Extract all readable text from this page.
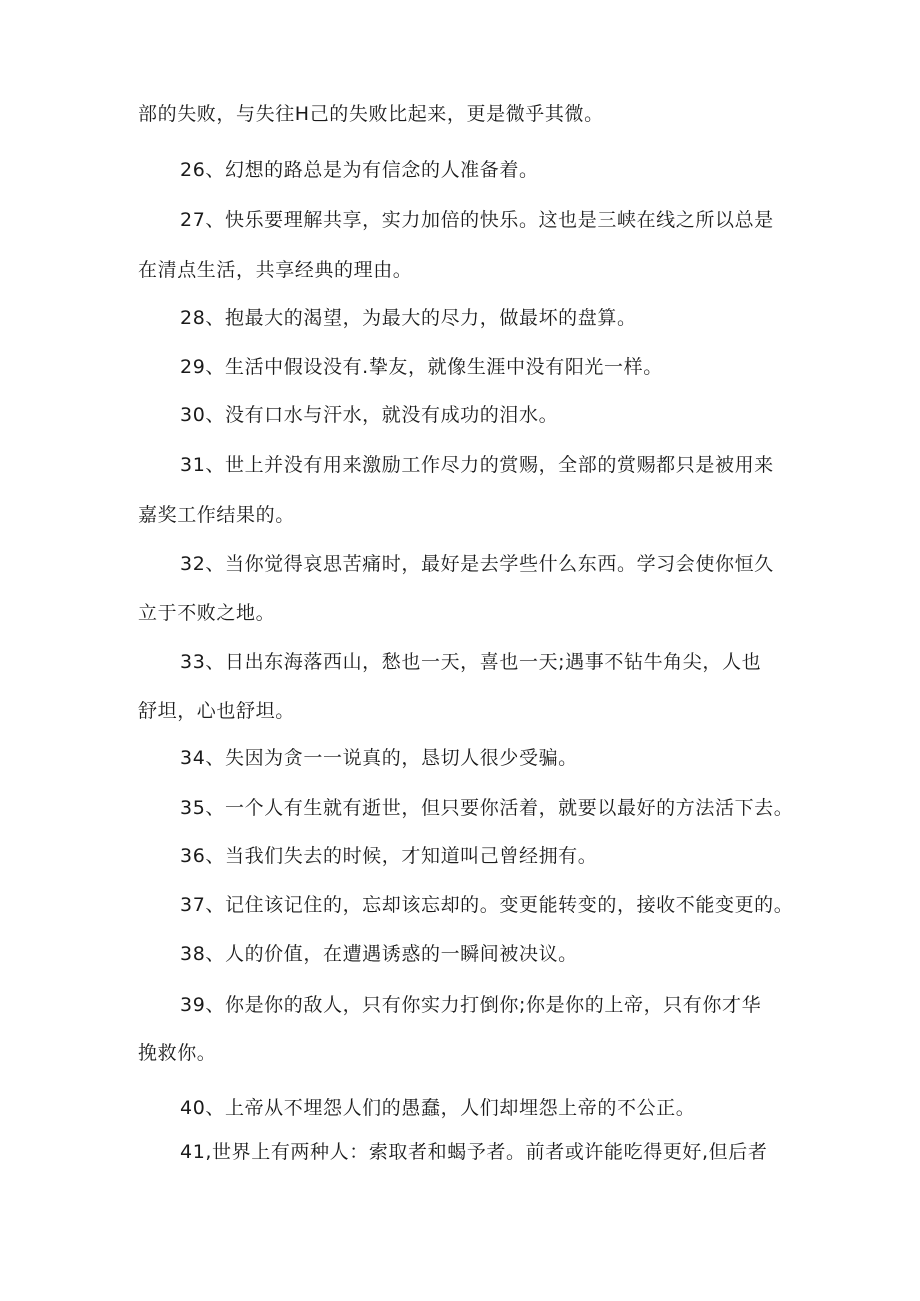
部的失败，与失往H己的失败比起来，更是微乎其微。

26、幻想的路总是为有信念的人准备着。

27、快乐要理解共享，实力加倍的快乐。这也是三峡在线之所以总是

在清点生活，共享经典的理由。

28、抱最大的渴望，为最大的尽力，做最坏的盘算。

29、生活中假设没有.挚友，就像生涯中没有阳光一样。

30、没有口水与汗水，就没有成功的泪水。

31、世上并没有用来激励工作尽力的赏赐，全部的赏赐都只是被用来

嘉奖工作结果的。

32、当你觉得哀思苦痛时，最好是去学些什么东西。学习会使你恒久

立于不败之地。

33、日出东海落西山，愁也一天，喜也一天;遇事不钻牛角尖，人也

舒坦，心也舒坦。

34、失因为贪一一说真的，恳切人很少受骗。

35、一个人有生就有逝世，但只要你活着，就要以最好的方法活下去。

36、当我们失去的时候，才知道叫己曾经拥有。

37、记住该记住的，忘却该忘却的。变更能转变的，接收不能变更的。

38、人的价值，在遭遇诱惑的一瞬间被决议。

39、你是你的敌人，只有你实力打倒你;你是你的上帝，只有你才华

挽救你。

40、上帝从不埋怨人们的愚蠢，人们却埋怨上帝的不公正。

41,世界上有两种人：索取者和蝎予者。前者或许能吃得更好,但后者
